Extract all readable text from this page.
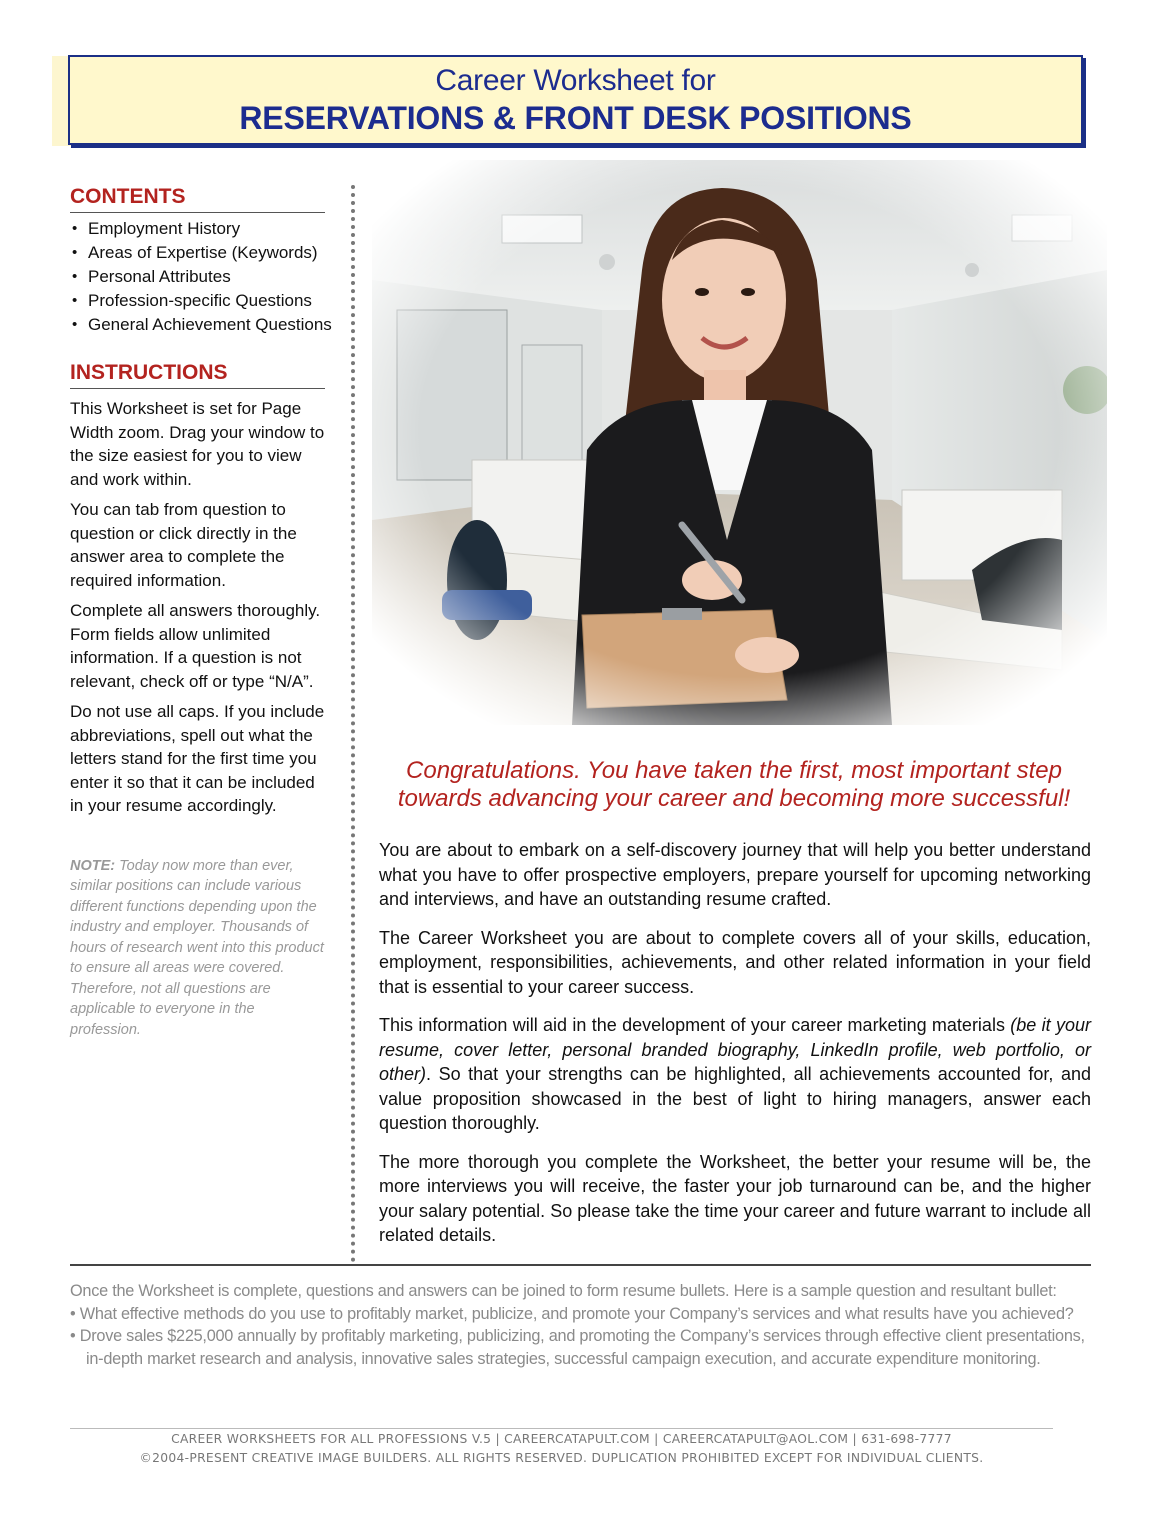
Career Worksheet for
RESERVATIONS & FRONT DESK POSITIONS
CONTENTS
• Employment History
• Areas of Expertise (Keywords)
• Personal Attributes
• Profession-specific Questions
• General Achievement Questions
INSTRUCTIONS

This Worksheet is set for Page Width zoom. Drag your window to the size easiest for you to view and work within.

You can tab from question to question or click directly in the answer area to complete the required information.

Complete all answers thoroughly. Form fields allow unlimited information. If a question is not relevant, check off or type “N/A”.

Do not use all caps. If you include abbreviations, spell out what the letters stand for the first time you enter it so that it can be included in your resume accordingly.

NOTE: Today now more than ever, similar positions can include various different functions depending upon the industry and employer. Thousands of hours of research went into this product to ensure all areas were covered. Therefore, not all questions are applicable to everyone in the profession.
Congratulations. You have taken the first, most important step towards advancing your career and becoming more successful!

You are about to embark on a self-discovery journey that will help you better understand what you have to offer prospective employers, prepare yourself for upcoming networking and interviews, and have an outstanding resume crafted.

The Career Worksheet you are about to complete covers all of your skills, education, employment, responsibilities, achievements, and other related information in your field that is essential to your career success.

This information will aid in the development of your career marketing materials (be it your resume, cover letter, personal branded biography, LinkedIn profile, web portfolio, or other). So that your strengths can be highlighted, all achievements accounted for, and value proposition showcased in the best of light to hiring managers, answer each question thoroughly.

The more thorough you complete the Worksheet, the better your resume will be, the more interviews you will receive, the faster your job turnaround can be, and the higher your salary potential. So please take the time your career and future warrant to include all related details.

Once the Worksheet is complete, questions and answers can be joined to form resume bullets. Here is a sample question and resultant bullet:
• What effective methods do you use to profitably market, publicize, and promote your Company’s services and what results have you achieved?
• Drove sales $225,000 annually by profitably marketing, publicizing, and promoting the Company’s services through effective client presentations,
in-depth market research and analysis, innovative sales strategies, successful campaign execution, and accurate expenditure monitoring.
CAREER WORKSHEETS FOR ALL PROFESSIONS V.5 | CAREERCATAPULT.COM | CAREERCATAPULT@AOL.COM | 631-698-7777
©2004-PRESENT CREATIVE IMAGE BUILDERS. ALL RIGHTS RESERVED. DUPLICATION PROHIBITED EXCEPT FOR INDIVIDUAL CLIENTS.
